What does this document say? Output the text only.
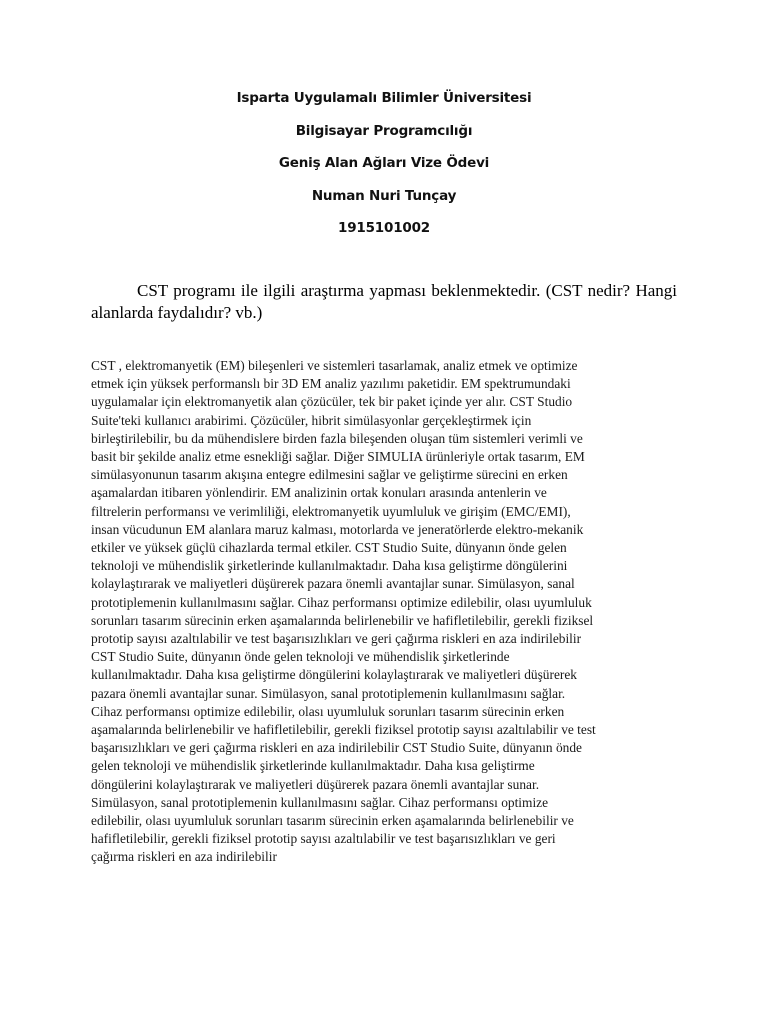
Isparta Uygulamalı Bilimler Üniversitesi
Bilgisayar Programcılığı
Geniş Alan Ağları Vize Ödevi
Numan Nuri Tunçay
1915101002

CST programı ile ilgili araştırma yapması beklenmektedir. (CST nedir? Hangi alanlarda faydalıdır? vb.)

CST , elektromanyetik (EM) bileşenleri ve sistemleri tasarlamak, analiz etmek ve optimize
etmek için yüksek performanslı bir 3D EM analiz yazılımı paketidir. EM spektrumundaki
uygulamalar için elektromanyetik alan çözücüler, tek bir paket içinde yer alır. CST Studio
Suite'teki kullanıcı arabirimi. Çözücüler, hibrit simülasyonlar gerçekleştirmek için
birleştirilebilir, bu da mühendislere birden fazla bileşenden oluşan tüm sistemleri verimli ve
basit bir şekilde analiz etme esnekliği sağlar. Diğer SIMULIA ürünleriyle ortak tasarım, EM
simülasyonunun tasarım akışına entegre edilmesini sağlar ve geliştirme sürecini en erken
aşamalardan itibaren yönlendirir. EM analizinin ortak konuları arasında antenlerin ve
filtrelerin performansı ve verimliliği, elektromanyetik uyumluluk ve girişim (EMC/EMI),
insan vücudunun EM alanlara maruz kalması, motorlarda ve jeneratörlerde elektro-mekanik
etkiler ve yüksek güçlü cihazlarda termal etkiler. CST Studio Suite, dünyanın önde gelen
teknoloji ve mühendislik şirketlerinde kullanılmaktadır. Daha kısa geliştirme döngülerini
kolaylaştırarak ve maliyetleri düşürerek pazara önemli avantajlar sunar. Simülasyon, sanal
prototiplemenin kullanılmasını sağlar. Cihaz performansı optimize edilebilir, olası uyumluluk
sorunları tasarım sürecinin erken aşamalarında belirlenebilir ve hafifletilebilir, gerekli fiziksel
prototip sayısı azaltılabilir ve test başarısızlıkları ve geri çağırma riskleri en aza indirilebilir
CST Studio Suite, dünyanın önde gelen teknoloji ve mühendislik şirketlerinde
kullanılmaktadır. Daha kısa geliştirme döngülerini kolaylaştırarak ve maliyetleri düşürerek
pazara önemli avantajlar sunar. Simülasyon, sanal prototiplemenin kullanılmasını sağlar.
Cihaz performansı optimize edilebilir, olası uyumluluk sorunları tasarım sürecinin erken
aşamalarında belirlenebilir ve hafifletilebilir, gerekli fiziksel prototip sayısı azaltılabilir ve test
başarısızlıkları ve geri çağırma riskleri en aza indirilebilir CST Studio Suite, dünyanın önde
gelen teknoloji ve mühendislik şirketlerinde kullanılmaktadır. Daha kısa geliştirme
döngülerini kolaylaştırarak ve maliyetleri düşürerek pazara önemli avantajlar sunar.
Simülasyon, sanal prototiplemenin kullanılmasını sağlar. Cihaz performansı optimize
edilebilir, olası uyumluluk sorunları tasarım sürecinin erken aşamalarında belirlenebilir ve
hafifletilebilir, gerekli fiziksel prototip sayısı azaltılabilir ve test başarısızlıkları ve geri
çağırma riskleri en aza indirilebilir
